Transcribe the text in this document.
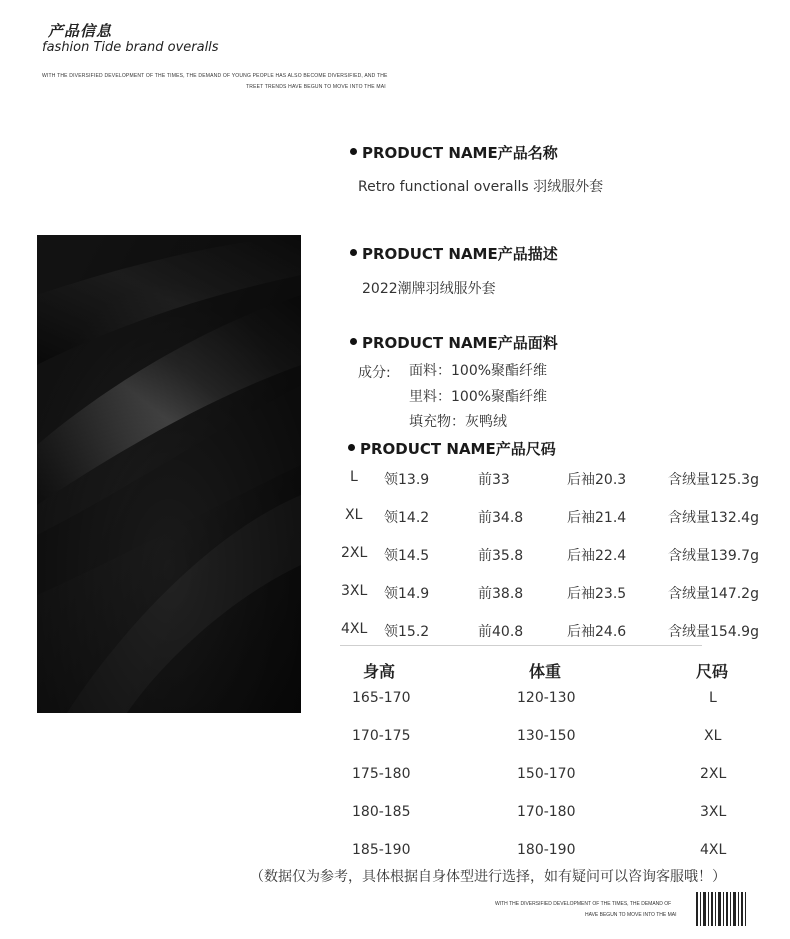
产品信息
fashion Tide brand overalls
WITH THE DIVERSIFIED DEVELOPMENT OF THE TIMES, THE DEMAND OF YOUNG PEOPLE HAS ALSO BECOME DIVERSIFIED, AND THE
TREET TRENDS HAVE BEGUN TO MOVE INTO THE MAI
PRODUCT NAME产品名称
Retro functional overalls 羽绒服外套
PRODUCT NAME产品描述
2022潮牌羽绒服外套
PRODUCT NAME产品面料
成分: 面料：100%聚酯纤维
里料：100%聚酯纤维
填充物：灰鸭绒
PRODUCT NAME产品尺码
L 领13.9	前33	后袖20.3	含绒量125.3g
XL 领14.2	前34.8	后袖21.4	含绒量132.4g
2XL 领14.5	前35.8	后袖22.4	含绒量139.7g
3XL 领14.9	前38.8	后袖23.5	含绒量147.2g
4XL 领15.2	前40.8	后袖24.6	含绒量154.9g
身高	体重	尺码
165-170	120-130	L
170-175	130-150	XL
175-180	150-170	2XL
180-185	170-180	3XL
185-190	180-190	4XL
（数据仅为参考，具体根据自身体型进行选择，如有疑问可以咨询客服哦！）
WITH THE DIVERSIFIED DEVELOPMENT OF THE TIMES, THE DEMAND OF
HAVE BEGUN TO MOVE INTO THE MAI
